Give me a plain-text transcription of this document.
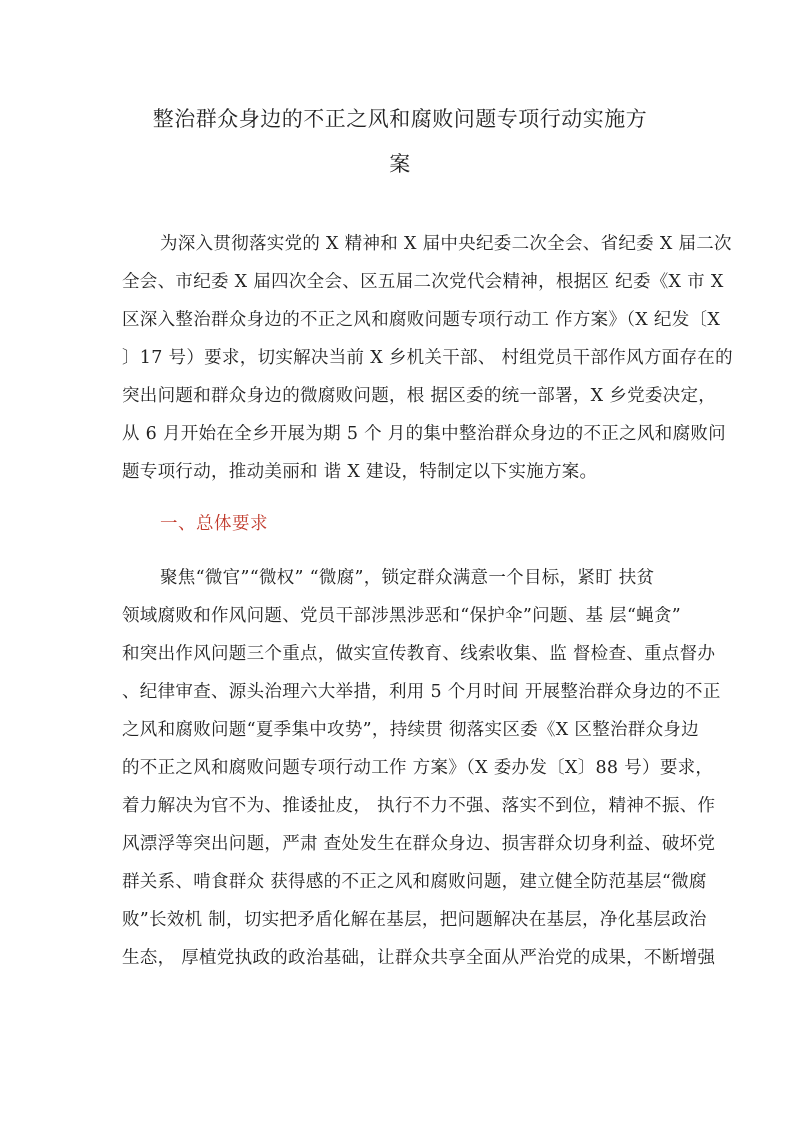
整治群众身边的不正之风和腐败问题专项行动实施方
案
为深入贯彻落实党的 X 精神和 X 届中央纪委二次全会、省纪委 X 届二次
全会、市纪委 X 届四次全会、区五届二次党代会精神，根据区 纪委《X 市 X
区深入整治群众身边的不正之风和腐败问题专项行动工 作方案》（X 纪发〔X
〕17 号）要求，切实解决当前 X 乡机关干部、 村组党员干部作风方面存在的
突出问题和群众身边的微腐败问题，根 据区委的统一部署，X 乡党委决定，
从 6 月开始在全乡开展为期 5 个 月的集中整治群众身边的不正之风和腐败问
题专项行动，推动美丽和 谐 X 建设，特制定以下实施方案。
一、总体要求
聚焦“微官”“微权” “微腐”，锁定群众满意一个目标，紧盯 扶贫
领域腐败和作风问题、党员干部涉黑涉恶和“保护伞”问题、基 层“蝇贪”
和突出作风问题三个重点，做实宣传教育、线索收集、监 督检查、重点督办
、纪律审查、源头治理六大举措，利用 5 个月时间 开展整治群众身边的不正
之风和腐败问题“夏季集中攻势”，持续贯 彻落实区委《X 区整治群众身边
的不正之风和腐败问题专项行动工作 方案》（X 委办发〔X〕88 号）要求，
着力解决为官不为、推诿扯皮， 执行不力不强、落实不到位，精神不振、作
风漂浮等突出问题，严肃 查处发生在群众身边、损害群众切身利益、破坏党
群关系、啃食群众 获得感的不正之风和腐败问题，建立健全防范基层“微腐
败”长效机 制，切实把矛盾化解在基层，把问题解决在基层，净化基层政治
生态， 厚植党执政的政治基础，让群众共享全面从严治党的成果，不断增强
